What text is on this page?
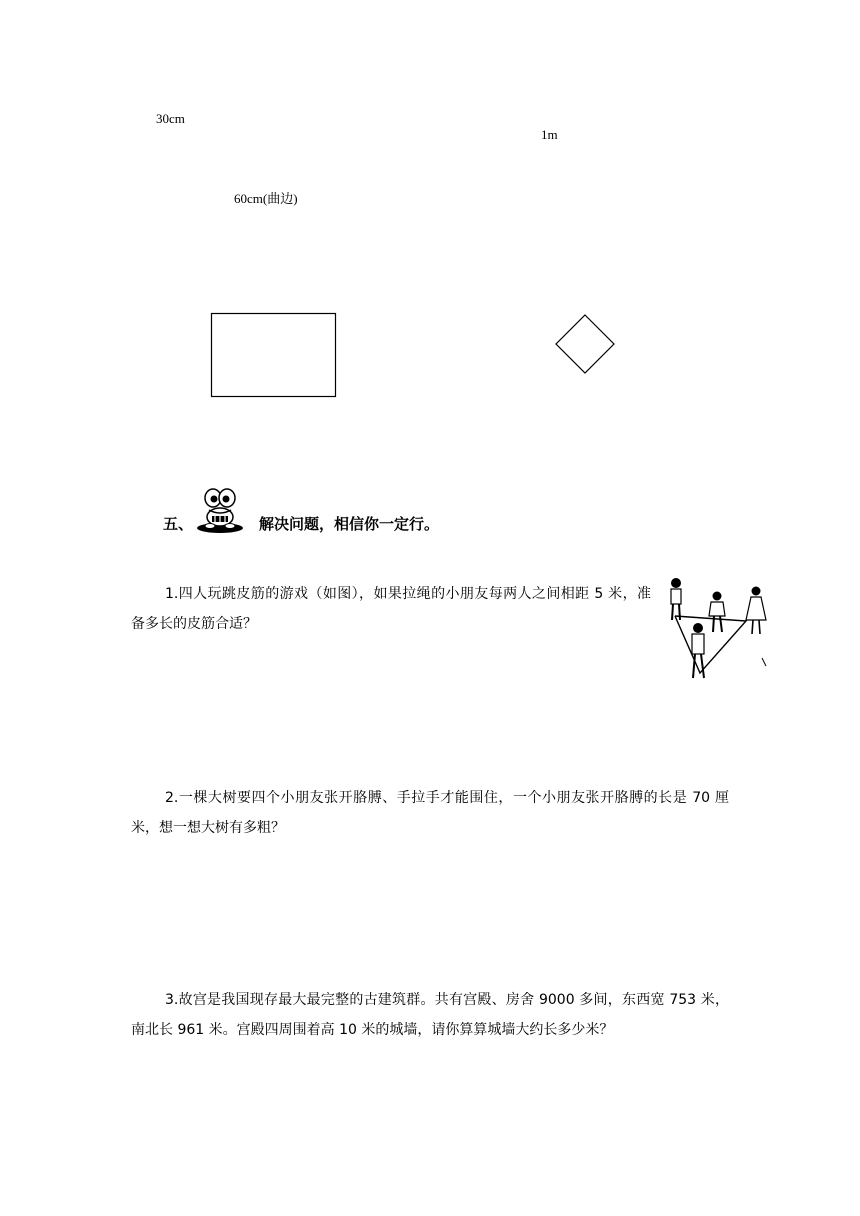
30cm
1m
60cm(曲边)
五、	解决问题，相信你一定行。
1.四人玩跳皮筋的游戏（如图），如果拉绳的小朋友每两人之间相距 5 米，准备多长的皮筋合适？
2.一棵大树要四个小朋友张开胳膊、手拉手才能围住，一个小朋友张开胳膊的长是 70 厘米，想一想大树有多粗？
3.故宫是我国现存最大最完整的古建筑群。共有宫殿、房舍 9000 多间，东西宽 753 米，南北长 961 米。宫殿四周围着高 10 米的城墙，请你算算城墙大约长多少米？
